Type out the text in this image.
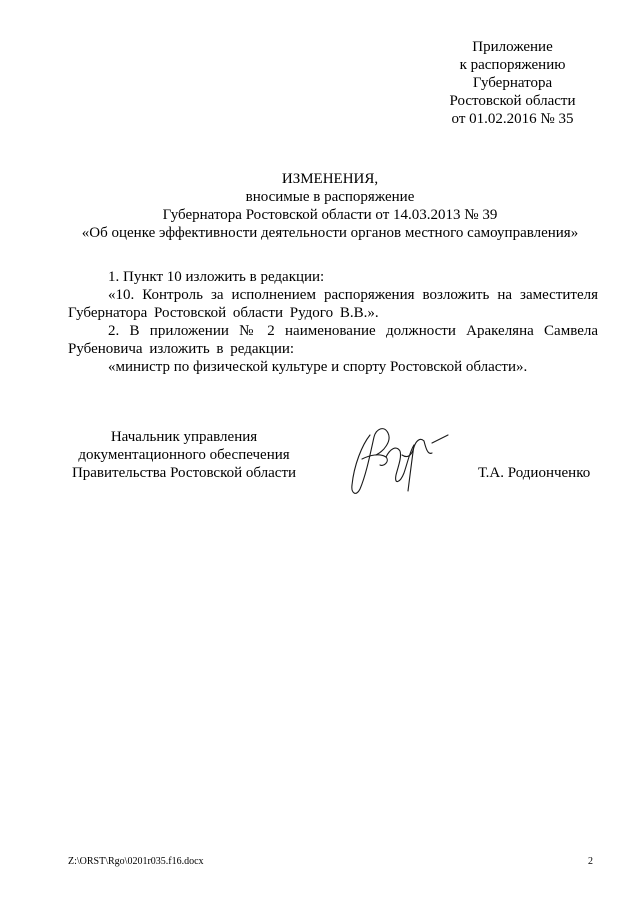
Приложение
к распоряжению
Губернатора
Ростовской области
от 01.02.2016 № 35
ИЗМЕНЕНИЯ,
вносимые в распоряжение
Губернатора Ростовской области от 14.03.2013 № 39
«Об оценке эффективности деятельности органов местного самоуправления»

1. Пункт 10 изложить в редакции:

«10. Контроль за исполнением распоряжения возложить на заместителя Губернатора Ростовской области Рудого В.В.».

2. В приложении № 2 наименование должности Аракеляна Самвела Рубеновича изложить в редакции:

«министр по физической культуре и спорту Ростовской области».

Начальник управления
документационного обеспечения
Правительства Ростовской области	Т.А. Родионченко
Z:\ORST\Rgo\0201r035.f16.docx	2
